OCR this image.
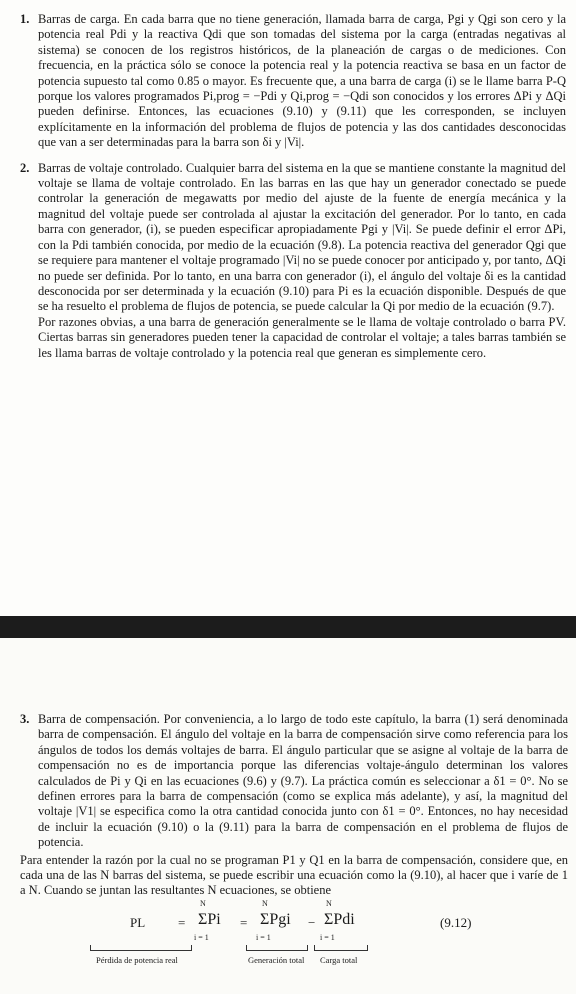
1. Barras de carga. En cada barra que no tiene generación, llamada barra de carga, Pgi y Qgi son cero y la potencia real Pdi y la reactiva Qdi que son tomadas del sistema por la carga (entradas negativas al sistema) se conocen de los registros históricos, de la planeación de cargas o de mediciones. Con frecuencia, en la práctica sólo se conoce la potencia real y la potencia reactiva se basa en un factor de potencia supuesto tal como 0.85 o mayor. Es frecuente que, a una barra de carga (i) se le llame barra P-Q porque los valores programados Pi,prog = −Pdi y Qi,prog = −Qdi son conocidos y los errores ΔPi y ΔQi pueden definirse. Entonces, las ecuaciones (9.10) y (9.11) que les corresponden, se incluyen explícitamente en la información del problema de flujos de potencia y las dos cantidades desconocidas que van a ser determinadas para la barra son δi y |Vi|.

2. Barras de voltaje controlado. Cualquier barra del sistema en la que se mantiene constante la magnitud del voltaje se llama de voltaje controlado. En las barras en las que hay un generador conectado se puede controlar la generación de megawatts por medio del ajuste de la fuente de energía mecánica y la magnitud del voltaje puede ser controlada al ajustar la excitación del generador. Por lo tanto, en cada barra con generador, (i), se pueden especificar apropiadamente Pgi y |Vi|. Se puede definir el error ΔPi, con la Pdi también conocida, por medio de la ecuación (9.8). La potencia reactiva del generador Qgi que se requiere para mantener el voltaje programado |Vi| no se puede conocer por anticipado y, por tanto, ΔQi no puede ser definida. Por lo tanto, en una barra con generador (i), el ángulo del voltaje δi es la cantidad desconocida por ser determinada y la ecuación (9.10) para Pi es la ecuación disponible. Después de que se ha resuelto el problema de flujos de potencia, se puede calcular la Qi por medio de la ecuación (9.7).

Por razones obvias, a una barra de generación generalmente se le llama de voltaje controlado o barra PV. Ciertas barras sin generadores pueden tener la capacidad de controlar el voltaje; a tales barras también se les llama barras de voltaje controlado y la potencia real que generan es simplemente cero.

3. Barra de compensación. Por conveniencia, a lo largo de todo este capítulo, la barra (1) será denominada barra de compensación. El ángulo del voltaje en la barra de compensación sirve como referencia para los ángulos de todos los demás voltajes de barra. El ángulo particular que se asigne al voltaje de la barra de compensación no es de importancia porque las diferencias voltaje-ángulo determinan los valores calculados de Pi y Qi en las ecuaciones (9.6) y (9.7). La práctica común es seleccionar a δ1 = 0°. No se definen errores para la barra de compensación (como se explica más adelante), y así, la magnitud del voltaje |V1| se especifica como la otra cantidad conocida junto con δ1 = 0°. Entonces, no hay necesidad de incluir la ecuación (9.10) o la (9.11) para la barra de compensación en el problema de flujos de potencia.

Para entender la razón por la cual no se programan P1 y Q1 en la barra de compensación, considere que, en cada una de las N barras del sistema, se puede escribir una ecuación como la (9.10), al hacer que i varíe de 1 a N. Cuando se juntan las resultantes N ecuaciones, se obtiene

PL	= ΣPi
N
i = 1
= ΣPgi
N
i = 1
− ΣPdi
N
i = 1
(9.12)
Pérdida de potencia real	Generación total Carga total
